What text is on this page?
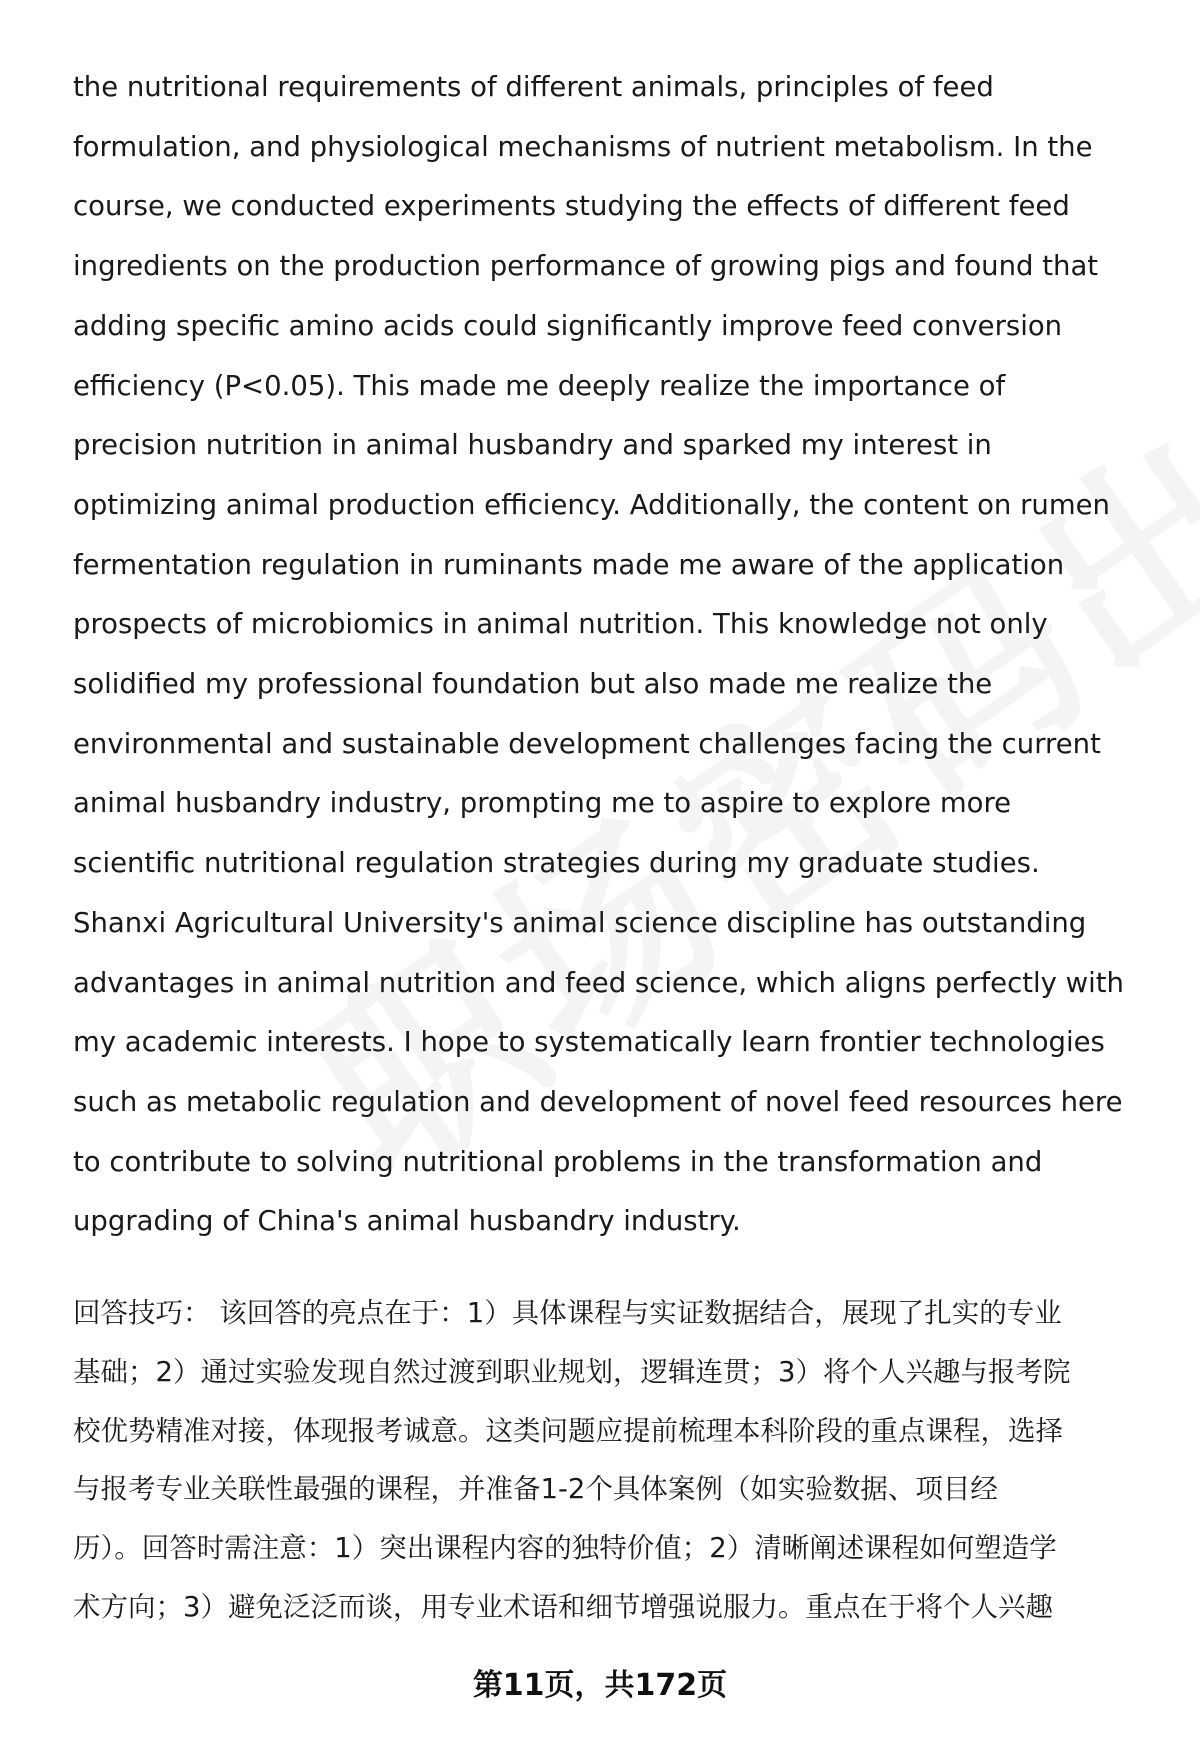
the nutritional requirements of different animals, principles of feed
formulation, and physiological mechanisms of nutrient metabolism. In the
course, we conducted experiments studying the effects of different feed
ingredients on the production performance of growing pigs and found that
adding specific amino acids could significantly improve feed conversion
efficiency (P<0.05). This made me deeply realize the importance of
precision nutrition in animal husbandry and sparked my interest in
optimizing animal production efficiency. Additionally, the content on rumen
fermentation regulation in ruminants made me aware of the application
prospects of microbiomics in animal nutrition. This knowledge not only
solidified my professional foundation but also made me realize the
environmental and sustainable development challenges facing the current
animal husbandry industry, prompting me to aspire to explore more
scientific nutritional regulation strategies during my graduate studies.
Shanxi Agricultural University's animal science discipline has outstanding
advantages in animal nutrition and feed science, which aligns perfectly with
my academic interests. I hope to systematically learn frontier technologies
such as metabolic regulation and development of novel feed resources here
to contribute to solving nutritional problems in the transformation and
upgrading of China's animal husbandry industry.
回答技巧： 该回答的亮点在于：1）具体课程与实证数据结合，展现了扎实的专业
基础；2）通过实验发现自然过渡到职业规划，逻辑连贯；3）将个人兴趣与报考院
校优势精准对接，体现报考诚意。这类问题应提前梳理本科阶段的重点课程，选择
与报考专业关联性最强的课程，并准备1-2个具体案例（如实验数据、项目经
历）。回答时需注意：1）突出课程内容的独特价值；2）清晰阐述课程如何塑造学
术方向；3）避免泛泛而谈，用专业术语和细节增强说服力。重点在于将个人兴趣
第11页，共172页
